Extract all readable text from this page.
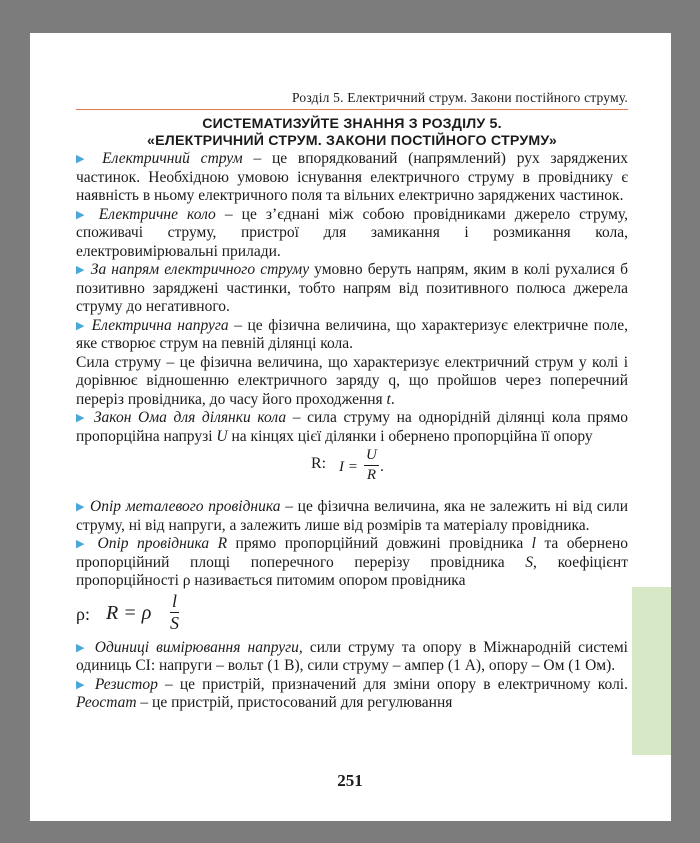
Розділ 5. Електричний струм. Закони постійного струму.
СИСТЕМАТИЗУЙТЕ ЗНАННЯ З РОЗДІЛУ 5.
«ЕЛЕКТРИЧНИЙ СТРУМ. ЗАКОНИ ПОСТІЙНОГО СТРУМУ»

▶ Електричний струм – це впорядкований (напрямлений) рух заряджених частинок. Необхідною умовою існування електричного струму в провіднику є наявність в ньому електричного поля та вільних електрично заряджених частинок.

▶ Електричне коло – це з’єднані між собою провідниками джерело струму, споживачі струму, пристрої для замикання і розмикання кола, електровимірювальні прилади.

▶ За напрям електричного струму умовно беруть напрям, яким в колі рухалися б позитивно заряджені частинки, тобто напрям від позитивного полюса джерела струму до негативного.

▶ Електрична напруга – це фізична величина, що характеризує електричне поле, яке створює струм на певній ділянці кола.

Сила струму – це фізична величина, що характеризує електричний струм у колі і дорівнює відношенню електричного заряду q, що пройшов через поперечний переріз провідника, до часу його проходження t.

▶ Закон Ома для ділянки кола – сила струму на однорідній ділянці кола прямо пропорційна напрузі U на кінцях цієї ділянки і обернено пропорційна її опору

R: $I = \frac{U}{R}$ .

▶ Опір металевого провідника – це фізична величина, яка не залежить ні від сили струму, ні від напруги, а залежить лише від розмірів та матеріалу провідника.

▶ Опір провідника R прямо пропорційний довжині провідника l та обернено пропорційний площі поперечного перерізу провідника S, коефіцієнт пропорційності ρ називається питомим опором провідника

ρ: R = ρ $\frac{l}{S}$

▶ Одиниці вимірювання напруги, сили струму та опору в Міжнародній системі одиниць СІ: напруги – вольт (1 В), сили струму – ампер (1 А), опору – Ом (1 Ом).

▶ Резистор – це пристрій, призначений для зміни опору в електричному колі. Реостат – це пристрій, пристосований для регулювання

251
